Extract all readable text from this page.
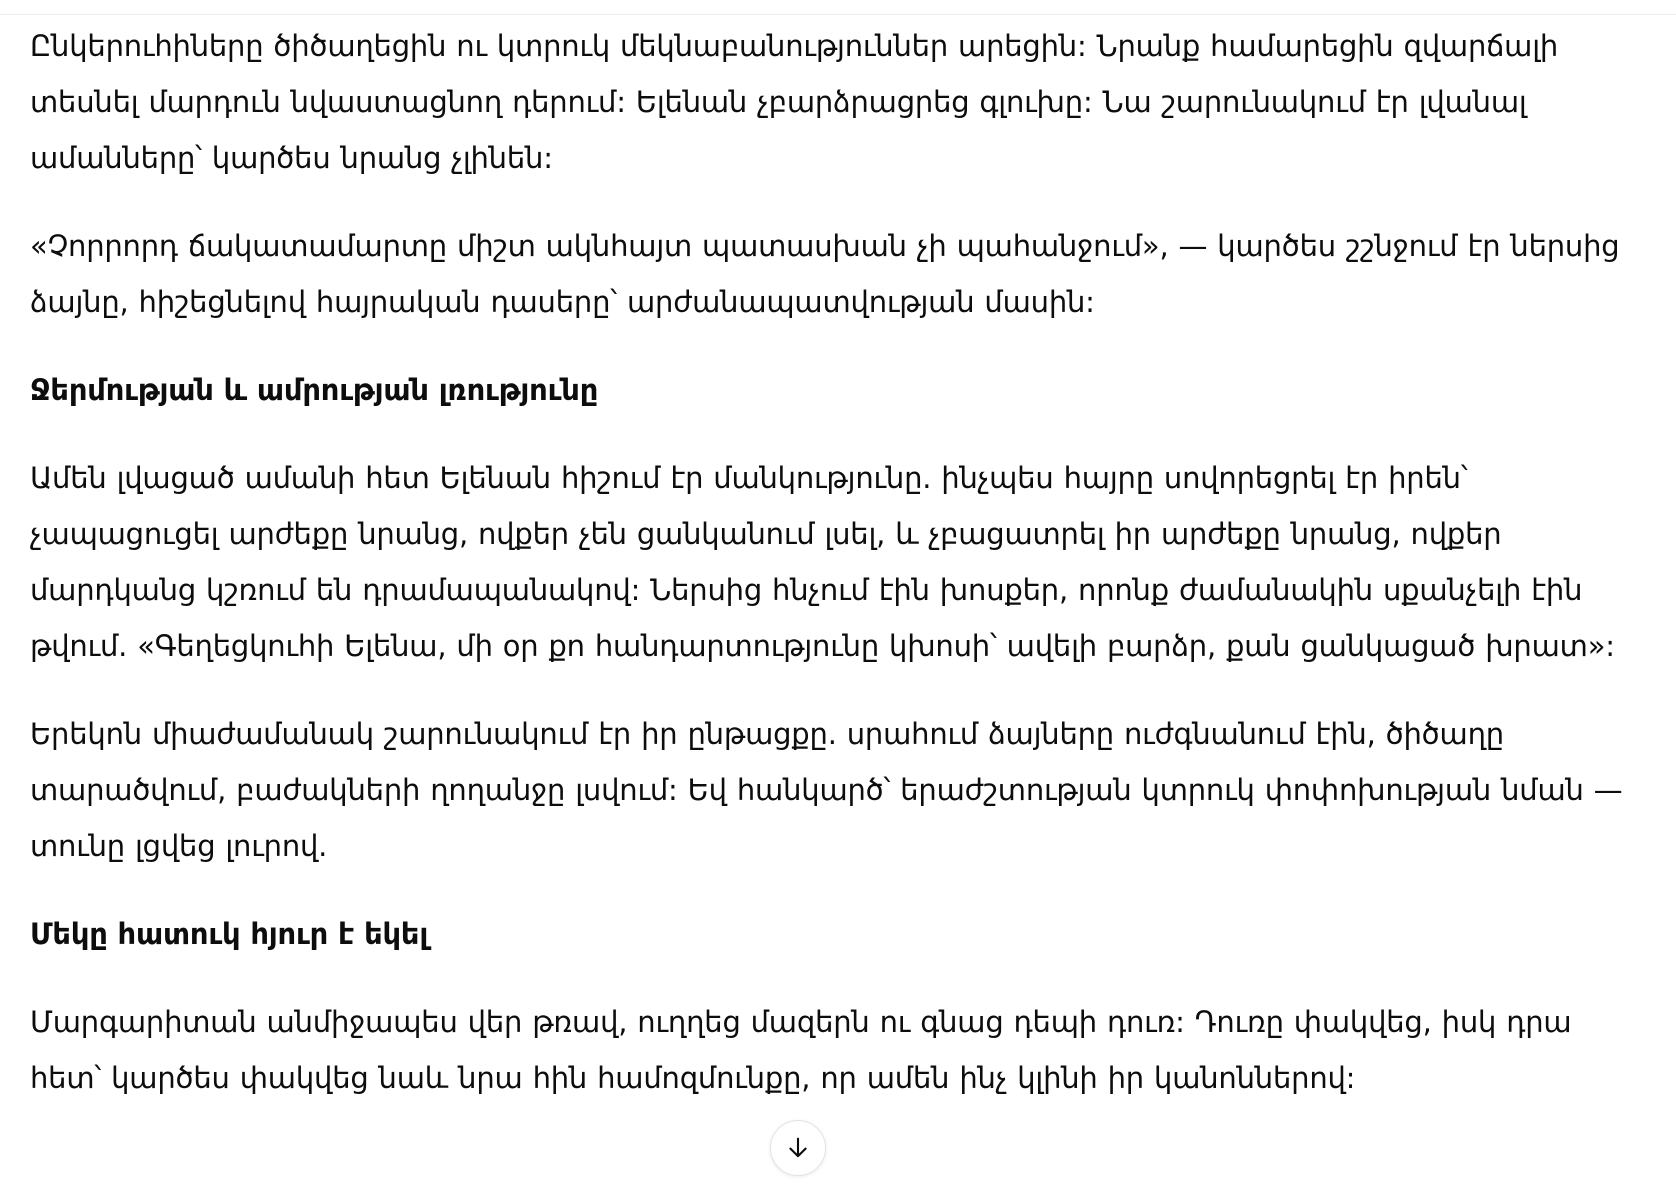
Ընկերուհիները ծիծաղեցին ու կտրուկ մեկնաբանություններ արեցին: Նրանք համարեցին զվարճալի տեսնել մարդուն նվաստացնող դերում: Ելենան չբարձրացրեց գլուխը: Նա շարունակում էր լվանալ ամանները՝ կարծես նրանց չլինեն:

«Չորրորդ ճակատամարտը միշտ ակնհայտ պատասխան չի պահանջում», — կարծես շշնջում էր ներսից ձայնը, հիշեցնելով հայրական դասերը՝ արժանապատվության մասին:

Ջերմության և ամրության լռությունը

Ամեն լվացած ամանի հետ Ելենան հիշում էր մանկությունը. ինչպես հայրը սովորեցրել էր իրեն՝ չապացուցել արժեքը նրանց, ովքեր չեն ցանկանում լսել, և չբացատրել իր արժեքը նրանց, ովքեր մարդկանց կշռում են դրամապանակով: Ներսից հնչում էին խոսքեր, որոնք ժամանակին սքանչելի էին թվում. «Գեղեցկուհի Ելենա, մի օր քո հանդարտությունը կխոսի՝ ավելի բարձր, քան ցանկացած խրատ»:

Երեկոն միաժամանակ շարունակում էր իր ընթացքը. սրահում ձայները ուժգնանում էին, ծիծաղը տարածվում, բաժակների ղողանջը լսվում: Եվ հանկարծ՝ երաժշտության կտրուկ փոփոխության նման — տունը լցվեց լուրով.

Մեկը հատուկ հյուր է եկել

Մարգարիտան անմիջապես վեր թռավ, ուղղեց մազերն ու գնաց դեպի դուռ: Դուռը փակվեց, իսկ դրա հետ՝ կարծես փակվեց նաև նրա հին համոզմունքը, որ ամեն ինչ կլինի իր կանոններով:
